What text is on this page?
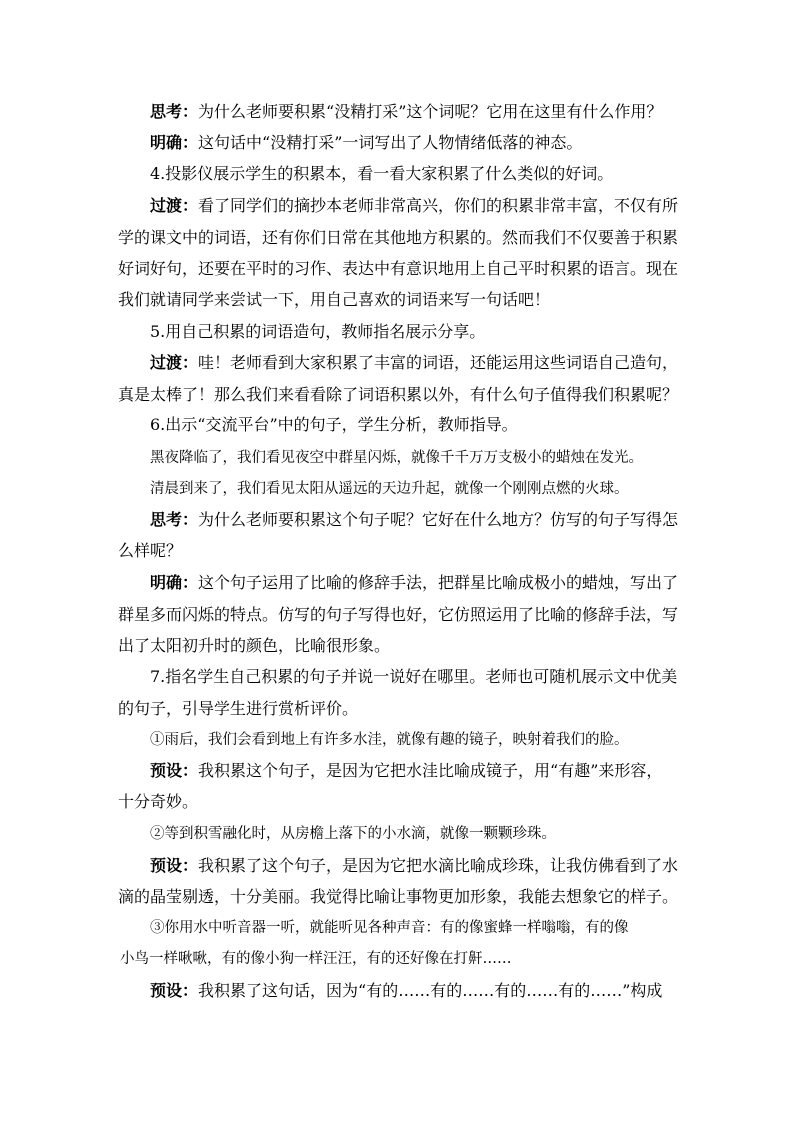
思考：为什么老师要积累“没精打采”这个词呢？它用在这里有什么作用？
明确：这句话中“没精打采”一词写出了人物情绪低落的神态。
4.投影仪展示学生的积累本，看一看大家积累了什么类似的好词。
过渡：看了同学们的摘抄本老师非常高兴，你们的积累非常丰富，不仅有所
学的课文中的词语，还有你们日常在其他地方积累的。然而我们不仅要善于积累
好词好句，还要在平时的习作、表达中有意识地用上自己平时积累的语言。现在
我们就请同学来尝试一下，用自己喜欢的词语来写一句话吧！
5.用自己积累的词语造句，教师指名展示分享。
过渡：哇！老师看到大家积累了丰富的词语，还能运用这些词语自己造句，
真是太棒了！那么我们来看看除了词语积累以外，有什么句子值得我们积累呢？
6.出示“交流平台”中的句子，学生分析，教师指导。
黑夜降临了，我们看见夜空中群星闪烁，就像千千万万支极小的蜡烛在发光。
清晨到来了，我们看见太阳从遥远的天边升起，就像一个刚刚点燃的火球。
思考：为什么老师要积累这个句子呢？它好在什么地方？仿写的句子写得怎
么样呢？
明确：这个句子运用了比喻的修辞手法，把群星比喻成极小的蜡烛，写出了
群星多而闪烁的特点。仿写的句子写得也好，它仿照运用了比喻的修辞手法，写
出了太阳初升时的颜色，比喻很形象。
7.指名学生自己积累的句子并说一说好在哪里。老师也可随机展示文中优美
的句子，引导学生进行赏析评价。
①雨后，我们会看到地上有许多水洼，就像有趣的镜子，映射着我们的脸。
预设：我积累这个句子，是因为它把水洼比喻成镜子，用“有趣”来形容，
十分奇妙。
②等到积雪融化时，从房檐上落下的小水滴，就像一颗颗珍珠。
预设：我积累了这个句子，是因为它把水滴比喻成珍珠，让我仿佛看到了水
滴的晶莹剔透，十分美丽。我觉得比喻让事物更加形象，我能去想象它的样子。
③你用水中听音器一听，就能听见各种声音：有的像蜜蜂一样嗡嗡，有的像
小鸟一样啾啾，有的像小狗一样汪汪，有的还好像在打鼾……
预设：我积累了这句话，因为“有的……有的……有的……有的……”构成
